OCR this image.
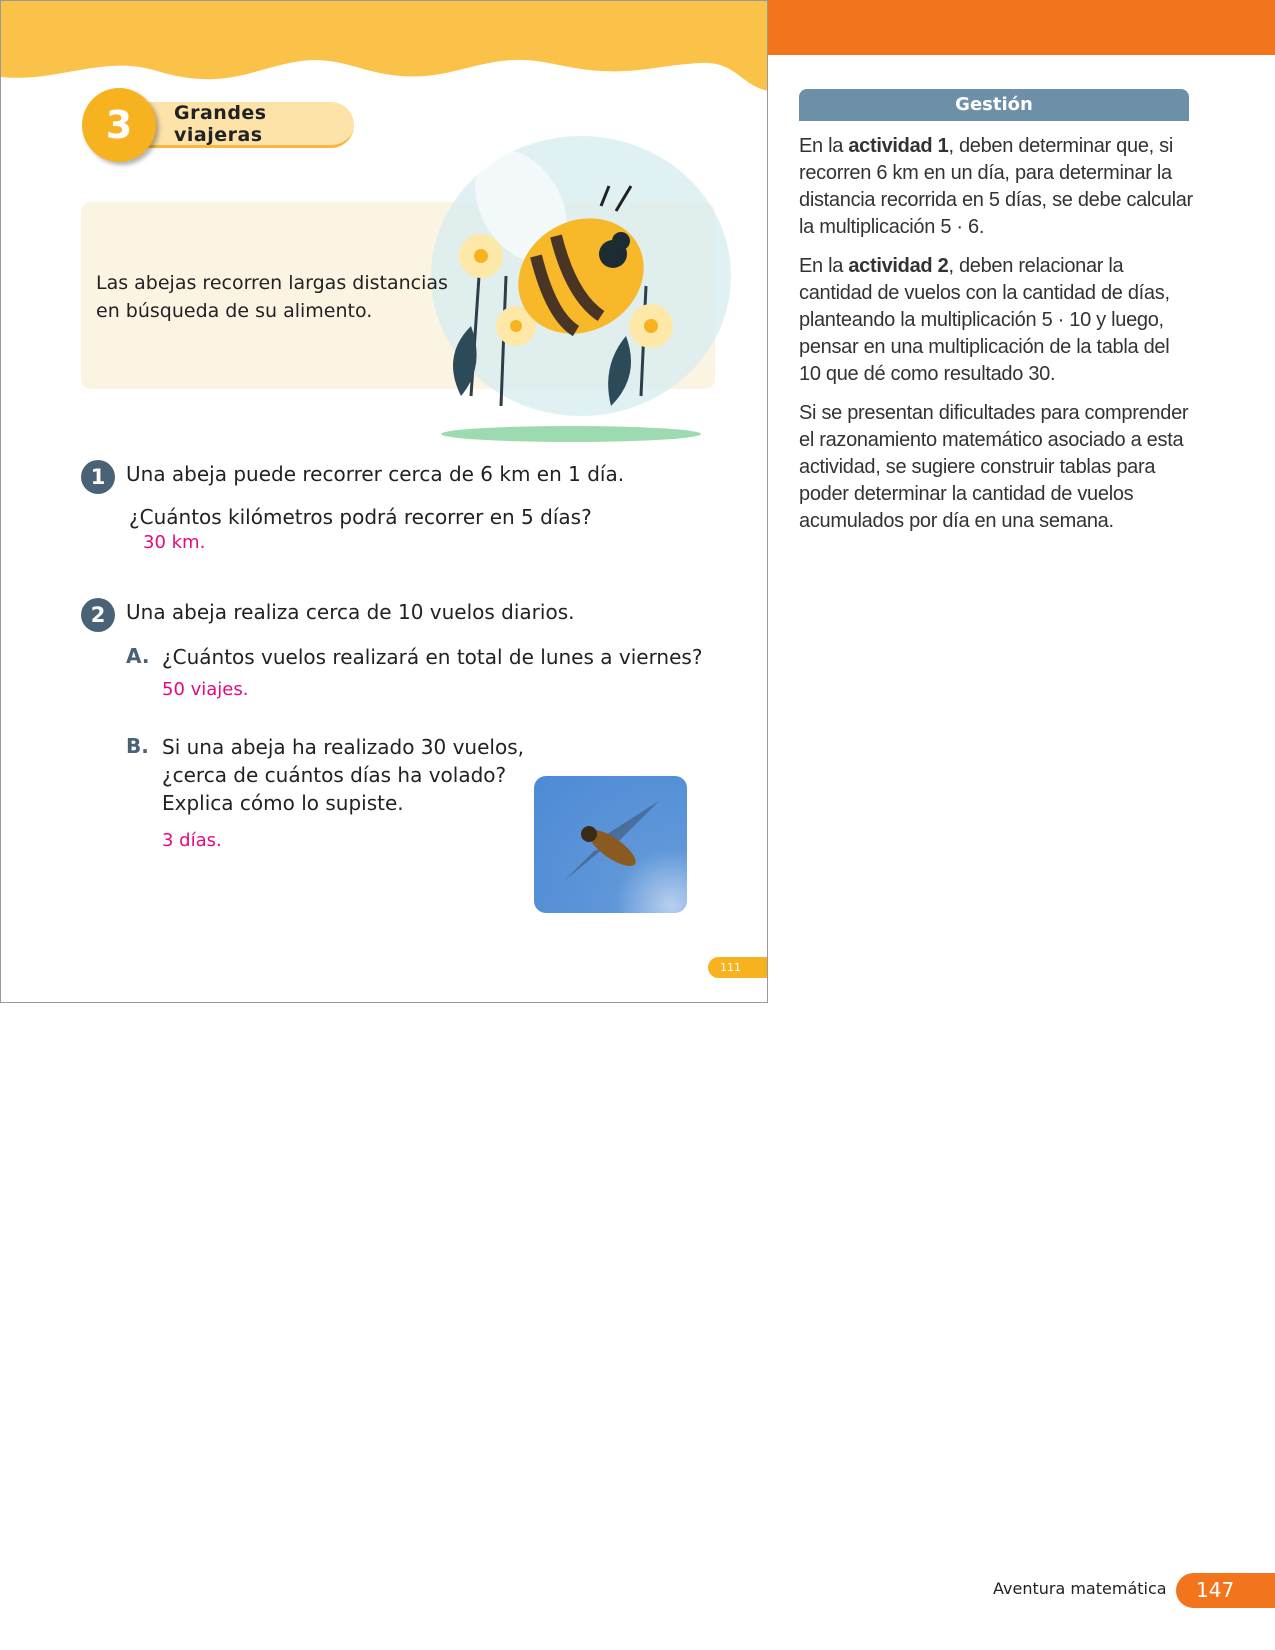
Grandes viajeras
3
Las abejas recorren largas distancias en búsqueda de su alimento.
1	Una abeja puede recorrer cerca de 6 km en 1 día.
¿Cuántos kilómetros podrá recorrer en 5 días?
30 km.
2	Una abeja realiza cerca de 10 vuelos diarios.
A. ¿Cuántos vuelos realizará en total de lunes a viernes?
50 viajes.
B. Si una abeja ha realizado 30 vuelos,
¿cerca de cuántos días ha volado?
Explica cómo lo supiste.
3 días.
111
Gestión
En la actividad 1, deben determinar que, si recorren 6 km en un día, para determinar la distancia recorrida en 5 días, se debe calcular la multiplicación 5 · 6.
En la actividad 2, deben relacionar la cantidad de vuelos con la cantidad de días, planteando la multiplicación 5 · 10 y luego, pensar en una multiplicación de la tabla del 10 que dé como resultado 30.
Si se presentan dificultades para comprender el razonamiento matemático asociado a esta actividad, se sugiere construir tablas para poder determinar la cantidad de vuelos acumulados por día en una semana.
Aventura matemática	147
